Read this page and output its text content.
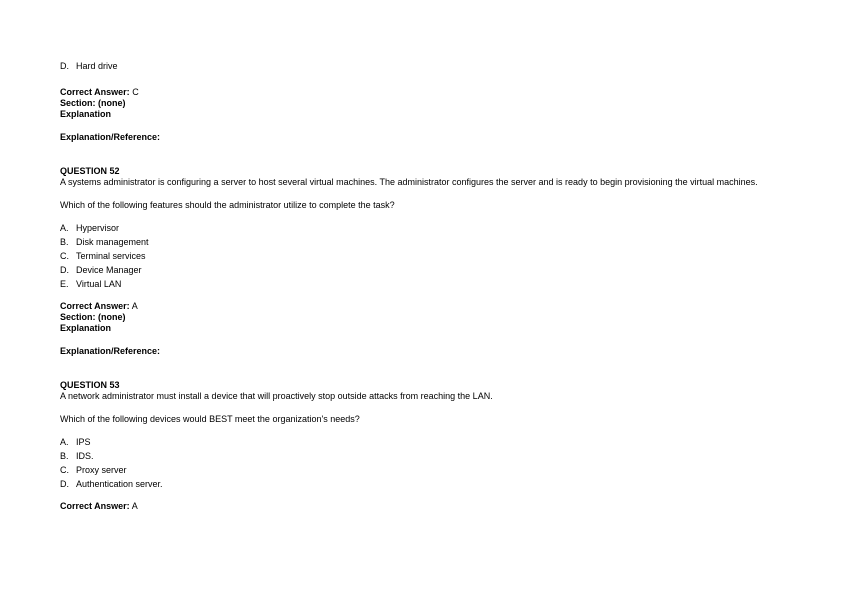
D. Hard drive

Correct Answer: C

Section: (none)

Explanation

Explanation/Reference:

QUESTION 52

A systems administrator is configuring a server to host several virtual machines. The administrator configures the server and is ready to begin provisioning the virtual machines.

Which of the following features should the administrator utilize to complete the task?

A. Hypervisor

B. Disk management

C. Terminal services

D. Device Manager

E. Virtual LAN

Correct Answer: A

Section: (none)

Explanation

Explanation/Reference:

QUESTION 53

A network administrator must install a device that will proactively stop outside attacks from reaching the LAN.

Which of the following devices would BEST meet the organization's needs?

A. IPS

B. IDS.

C. Proxy server

D. Authentication server.

Correct Answer: A
